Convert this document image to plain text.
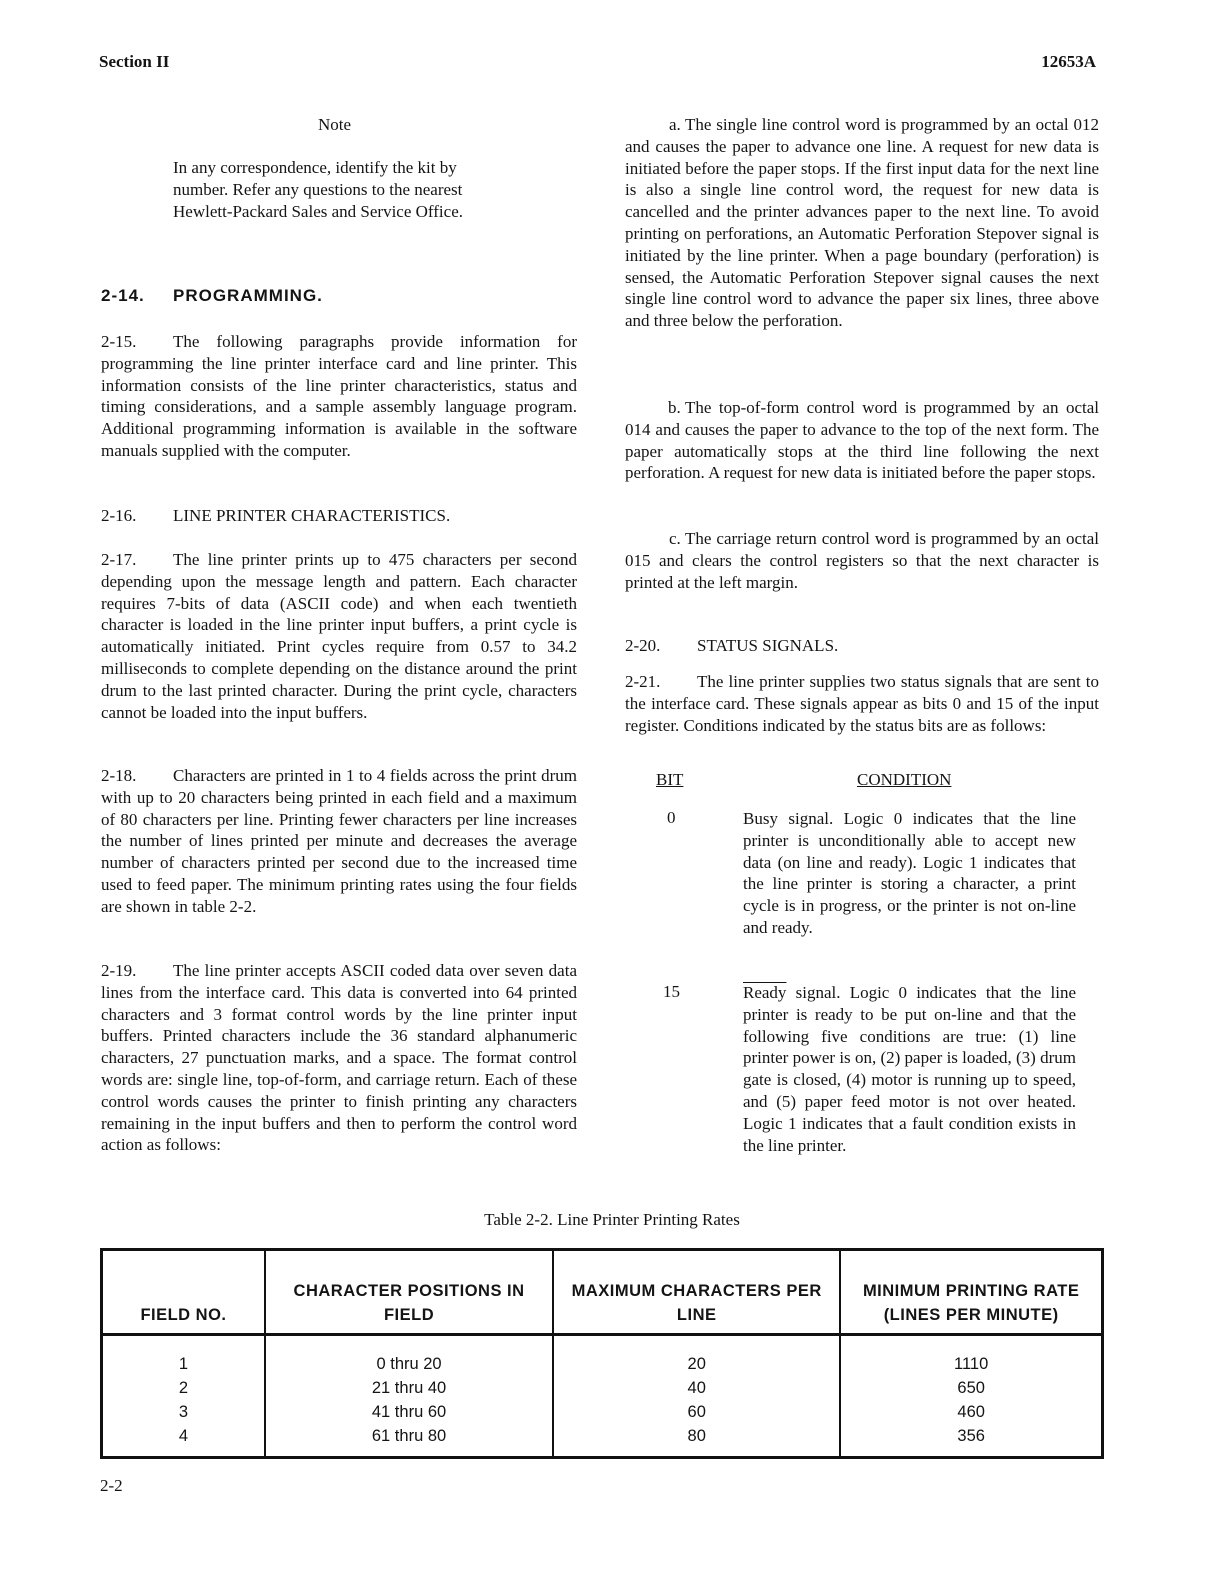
Section II	12653A
Note

In any correspondence, identify the kit by number. Refer any questions to the nearest Hewlett-Packard Sales and Service Office.

2-14. PROGRAMMING.
2-15. The following paragraphs provide information for programming the line printer interface card and line printer. This information consists of the line printer characteristics, status and timing considerations, and a sample assembly language program. Additional programming information is available in the software manuals supplied with the computer.
2-16. LINE PRINTER CHARACTERISTICS.
2-17. The line printer prints up to 475 characters per second depending upon the message length and pattern. Each character requires 7-bits of data (ASCII code) and when each twentieth character is loaded in the line printer input buffers, a print cycle is automatically initiated. Print cycles require from 0.57 to 34.2 milliseconds to complete depending on the distance around the print drum to the last printed character. During the print cycle, characters cannot be loaded into the input buffers.
2-18. Characters are printed in 1 to 4 fields across the print drum with up to 20 characters being printed in each field and a maximum of 80 characters per line. Printing fewer characters per line increases the number of lines printed per minute and decreases the average number of characters printed per second due to the increased time used to feed paper. The minimum printing rates using the four fields are shown in table 2-2.
2-19. The line printer accepts ASCII coded data over seven data lines from the interface card. This data is converted into 64 printed characters and 3 format control words by the line printer input buffers. Printed characters include the 36 standard alphanumeric characters, 27 punctuation marks, and a space. The format control words are: single line, top-of-form, and carriage return. Each of these control words causes the printer to finish printing any characters remaining in the input buffers and then to perform the control word action as follows:
a. The single line control word is programmed by an octal 012 and causes the paper to advance one line. A request for new data is initiated before the paper stops. If the first input data for the next line is also a single line control word, the request for new data is cancelled and the printer advances paper to the next line. To avoid printing on perforations, an Automatic Perforation Stepover signal is initiated by the line printer. When a page boundary (perforation) is sensed, the Automatic Perforation Stepover signal causes the next single line control word to advance the paper six lines, three above and three below the perforation.
b. The top-of-form control word is programmed by an octal 014 and causes the paper to advance to the top of the next form. The paper automatically stops at the third line following the next perforation. A request for new data is initiated before the paper stops.
c. The carriage return control word is programmed by an octal 015 and clears the control registers so that the next character is printed at the left margin.
2-20. STATUS SIGNALS.
2-21. The line printer supplies two status signals that are sent to the interface card. These signals appear as bits 0 and 15 of the input register. Conditions indicated by the status bits are as follows:
BIT	CONDITION
0	Busy signal. Logic 0 indicates that the line printer is unconditionally able to accept new data (on line and ready). Logic 1 indicates that the line printer is storing a character, a print cycle is in progress, or the printer is not on-line and ready.
15	Ready signal. Logic 0 indicates that the line printer is ready to be put on-line and that the following five conditions are true: (1) line printer power is on, (2) paper is loaded, (3) drum gate is closed, (4) motor is running up to speed, and (5) paper feed motor is not over heated. Logic 1 indicates that a fault condition exists in the line printer.
Table 2-2. Line Printer Printing Rates
FIELD NO.	CHARACTER POSITIONS IN FIELD	MAXIMUM CHARACTERS PER LINE	MINIMUM PRINTING RATE (LINES PER MINUTE)
1	0 thru 20	20	1110
2	21 thru 40	40	650
3	41 thru 60	60	460
4	61 thru 80	80	356
2-2
